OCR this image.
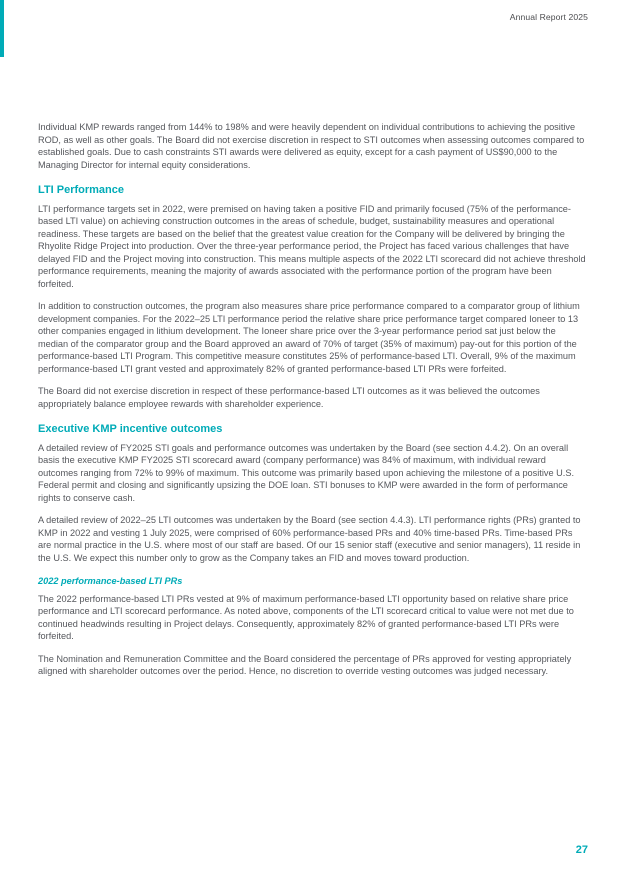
Annual Report 2025

Individual KMP rewards ranged from 144% to 198% and were heavily dependent on individual contributions to achieving the positive ROD, as well as other goals. The Board did not exercise discretion in respect to STI outcomes when assessing outcomes compared to established goals. Due to cash constraints STI awards were delivered as equity, except for a cash payment of US$90,000 to the Managing Director for internal equity considerations.

LTI Performance

LTI performance targets set in 2022, were premised on having taken a positive FID and primarily focused (75% of the performance-based LTI value) on achieving construction outcomes in the areas of schedule, budget, sustainability measures and operational readiness. These targets are based on the belief that the greatest value creation for the Company will be delivered by bringing the Rhyolite Ridge Project into production. Over the three-year performance period, the Project has faced various challenges that have delayed FID and the Project moving into construction. This means multiple aspects of the 2022 LTI scorecard did not achieve threshold performance requirements, meaning the majority of awards associated with the performance portion of the program have been forfeited.

In addition to construction outcomes, the program also measures share price performance compared to a comparator group of lithium development companies. For the 2022–25 LTI performance period the relative share price performance target compared Ioneer to 13 other companies engaged in lithium development. The Ioneer share price over the 3-year performance period sat just below the median of the comparator group and the Board approved an award of 70% of target (35% of maximum) pay-out for this portion of the performance-based LTI Program. This competitive measure constitutes 25% of performance-based LTI. Overall, 9% of the maximum performance-based LTI grant vested and approximately 82% of granted performance-based LTI PRs were forfeited.

The Board did not exercise discretion in respect of these performance-based LTI outcomes as it was believed the outcomes appropriately balance employee rewards with shareholder experience.

Executive KMP incentive outcomes

A detailed review of FY2025 STI goals and performance outcomes was undertaken by the Board (see section 4.4.2). On an overall basis the executive KMP FY2025 STI scorecard award (company performance) was 84% of maximum, with individual reward outcomes ranging from 72% to 99% of maximum. This outcome was primarily based upon achieving the milestone of a positive U.S. Federal permit and closing and significantly upsizing the DOE loan. STI bonuses to KMP were awarded in the form of performance rights to conserve cash.

A detailed review of 2022–25 LTI outcomes was undertaken by the Board (see section 4.4.3). LTI performance rights (PRs) granted to KMP in 2022 and vesting 1 July 2025, were comprised of 60% performance-based PRs and 40% time-based PRs. Time-based PRs are normal practice in the U.S. where most of our staff are based. Of our 15 senior staff (executive and senior managers), 11 reside in the U.S. We expect this number only to grow as the Company takes an FID and moves toward production.

2022 performance-based LTI PRs

The 2022 performance-based LTI PRs vested at 9% of maximum performance-based LTI opportunity based on relative share price performance and LTI scorecard performance. As noted above, components of the LTI scorecard critical to value were not met due to continued headwinds resulting in Project delays. Consequently, approximately 82% of granted performance-based LTI PRs were forfeited.

The Nomination and Remuneration Committee and the Board considered the percentage of PRs approved for vesting appropriately aligned with shareholder outcomes over the period. Hence, no discretion to override vesting outcomes was judged necessary.

27
